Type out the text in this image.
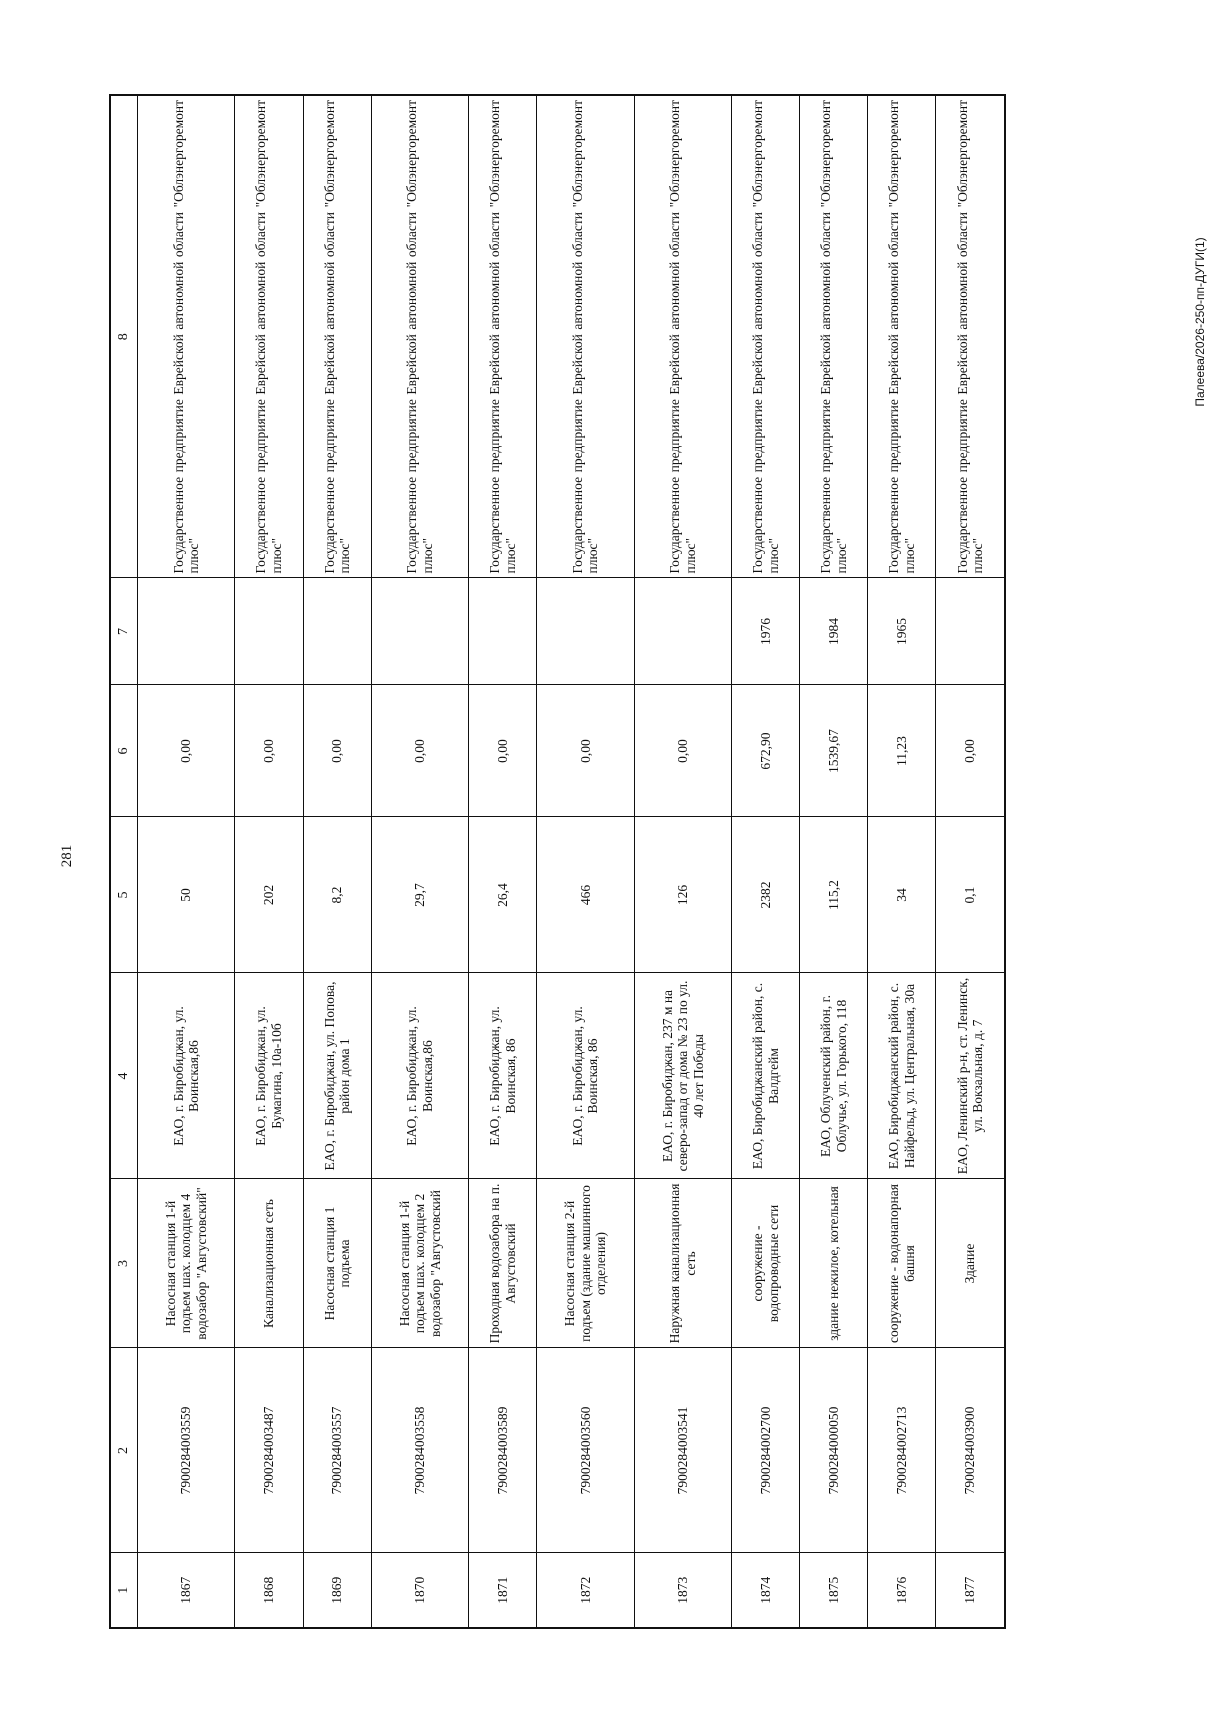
281
1	2	3	4	5	6	7	8
1867	7900284003559	Насосная станция 1-й подъем шах. колодцем 4 водозабор "Августовский"	ЕАО, г. Биробиджан, ул. Воинская,86	50	0,00		Государственное предприятие Еврейской автономной области "Облэнергоремонт плюс"
1868	7900284003487	Канализационная сеть	ЕАО, г. Биробиджан, ул. Бумагина, 10а-10б	202	0,00		Государственное предприятие Еврейской автономной области "Облэнергоремонт плюс"
1869	7900284003557	Насосная станция 1 подъема	ЕАО, г. Биробиджан, ул. Попова, район дома 1	8,2	0,00		Государственное предприятие Еврейской автономной области "Облэнергоремонт плюс"
1870	7900284003558	Насосная станция 1-й подъем шах. колодцем 2 водозабор "Августовский	ЕАО, г. Биробиджан, ул. Воинская,86	29,7	0,00		Государственное предприятие Еврейской автономной области "Облэнергоремонт плюс"
1871	7900284003589	Проходная водозабора на п. Августовский	ЕАО, г. Биробиджан, ул. Воинская, 86	26,4	0,00		Государственное предприятие Еврейской автономной области "Облэнергоремонт плюс"
1872	7900284003560	Насосная станция 2-й подъем (здание машинного отделения)	ЕАО, г. Биробиджан, ул. Воинская, 86	466	0,00		Государственное предприятие Еврейской автономной области "Облэнергоремонт плюс"
1873	7900284003541	Наружная канализационная сеть	ЕАО, г. Биробиджан, 237 м на северо-запад от дома № 23 по ул. 40 лет Победы	126	0,00		Государственное предприятие Еврейской автономной области "Облэнергоремонт плюс"
1874	7900284002700	сооружение - водопроводные сети	ЕАО, Биробиджанский район, с. Валдгейм	2382	672,90	1976	Государственное предприятие Еврейской автономной области "Облэнергоремонт плюс"
1875	7900284000050	здание нежилое, котельная	ЕАО, Облученский район, г. Облучье, ул. Горького, 118	115,2	1539,67	1984	Государственное предприятие Еврейской автономной области "Облэнергоремонт плюс"
1876	7900284002713	сооружение - водонапорная башня	ЕАО, Биробиджанский район, с. Найфельд, ул. Центральная, 30а	34	11,23	1965	Государственное предприятие Еврейской автономной области "Облэнергоремонт плюс"
1877	7900284003900	Здание	ЕАО, Ленинский р-н, ст. Ленинск, ул. Вокзальная, д. 7	0,1	0,00		Государственное предприятие Еврейской автономной области "Облэнергоремонт плюс"
Палеева/2026-250-пп-ДУГИ(1)
